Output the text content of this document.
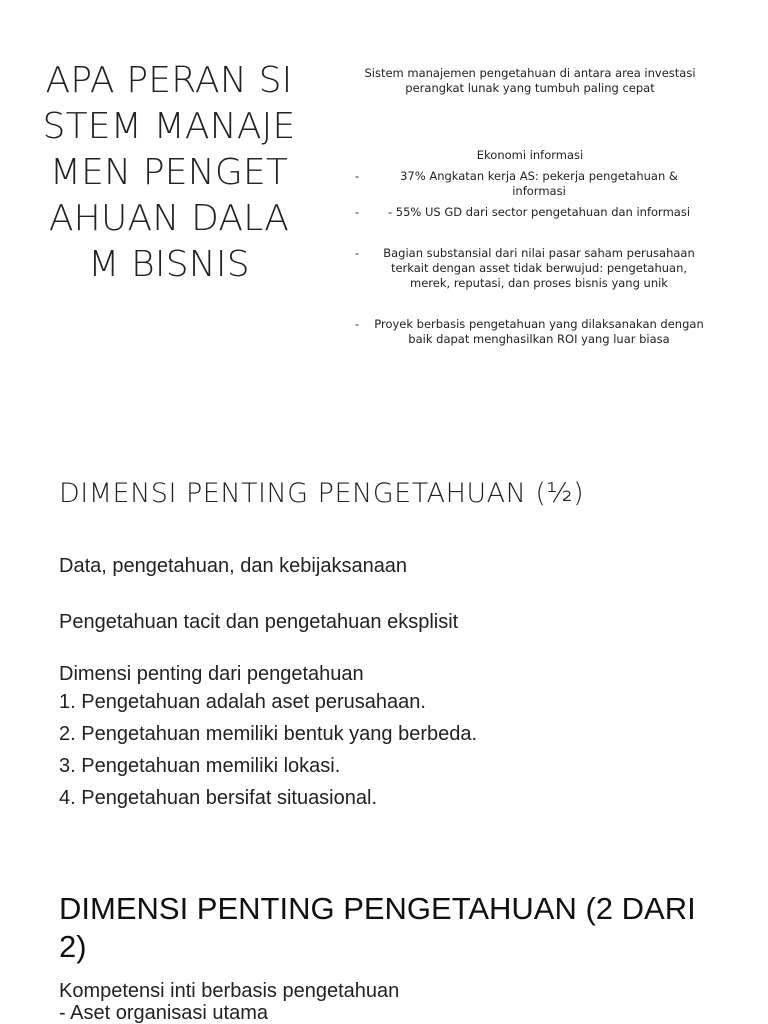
APA PERAN SISTEM MANAJEMEN PENGETAHUAN DALAM BISNIS
Sistem manajemen pengetahuan di antara area investasi perangkat lunak yang tumbuh paling cepat
Ekonomi informasi
-	37% Angkatan kerja AS: pekerja pengetahuan & informasi
-	- 55% US GD dari sector pengetahuan dan informasi
-	Bagian substansial dari nilai pasar saham perusahaan terkait dengan asset tidak berwujud: pengetahuan, merek, reputasi, dan proses bisnis yang unik
-	Proyek berbasis pengetahuan yang dilaksanakan dengan baik dapat menghasilkan ROI yang luar biasa
DIMENSI PENTING PENGETAHUAN (½)
Data, pengetahuan, dan kebijaksanaan
Pengetahuan tacit dan pengetahuan eksplisit
Dimensi penting dari pengetahuan
1. Pengetahuan adalah aset perusahaan.
2. Pengetahuan memiliki bentuk yang berbeda.
3. Pengetahuan memiliki lokasi.
4. Pengetahuan bersifat situasional.
DIMENSI PENTING PENGETAHUAN (2 DARI 2)
Kompetensi inti berbasis pengetahuan
- Aset organisasi utama
